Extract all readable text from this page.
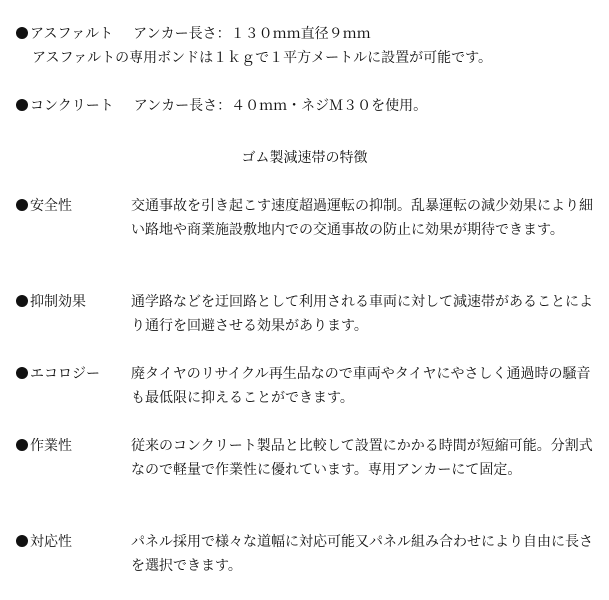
アスファルト アンカー長さ：１３０ｍｍ直径９ｍｍ
アスファルトの専用ボンドは１ｋｇで１平方メートルに設置が可能です。
コンクリート アンカー長さ：４０ｍｍ・ネジＭ３０を使用。
ゴム製減速帯の特徴
安全性	交通事故を引き起こす速度超過運転の抑制。乱暴運転の減少効果により細い路地や商業施設敷地内での交通事故の防止に効果が期待できます。
抑制効果	通学路などを迂回路として利用される車両に対して減速帯があることにより通行を回避させる効果があります。
エコロジー 廃タイヤのリサイクル再生品なので車両やタイヤにやさしく通過時の騒音も最低限に抑えることができます。
作業性	従来のコンクリート製品と比較して設置にかかる時間が短縮可能。分割式なので軽量で作業性に優れています。専用アンカーにて固定。
対応性	パネル採用で様々な道幅に対応可能又パネル組み合わせにより自由に長さを選択できます。
